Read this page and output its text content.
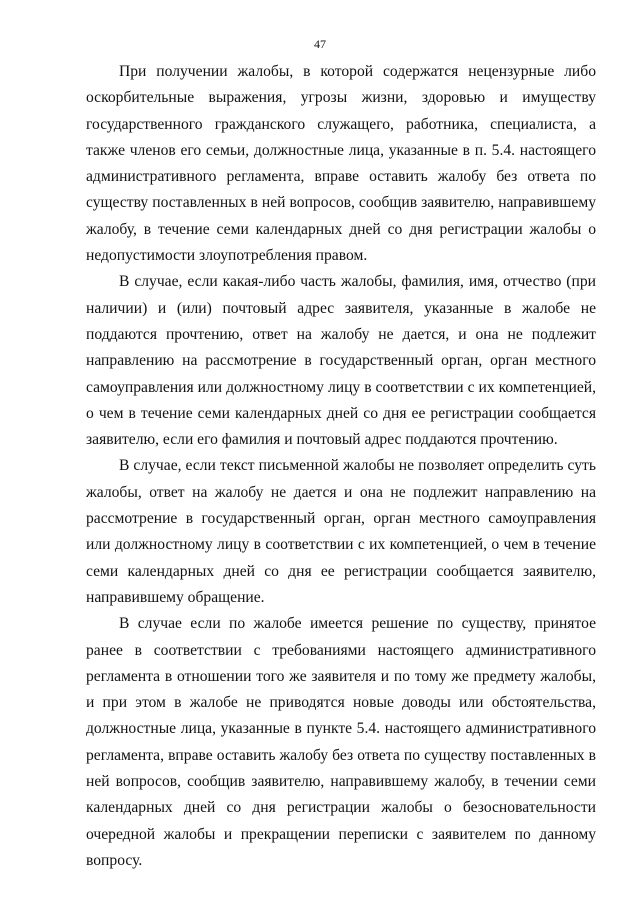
47

При получении жалобы, в которой содержатся нецензурные либо оскорбительные выражения, угрозы жизни, здоровью и имуществу государственного гражданского служащего, работника, специалиста, а также членов его семьи, должностные лица, указанные в п. 5.4. настоящего административного регламента, вправе оставить жалобу без ответа по существу поставленных в ней вопросов, сообщив заявителю, направившему жалобу, в течение семи календарных дней со дня регистрации жалобы о недопустимости злоупотребления правом.

В случае, если какая-либо часть жалобы, фамилия, имя, отчество (при наличии) и (или) почтовый адрес заявителя, указанные в жалобе не поддаются прочтению, ответ на жалобу не дается, и она не подлежит направлению на рассмотрение в государственный орган, орган местного самоуправления или должностному лицу в соответствии с их компетенцией, о чем в течение семи календарных дней со дня ее регистрации сообщается заявителю, если его фамилия и почтовый адрес поддаются прочтению.

В случае, если текст письменной жалобы не позволяет определить суть жалобы, ответ на жалобу не дается и она не подлежит направлению на рассмотрение в государственный орган, орган местного самоуправления или должностному лицу в соответствии с их компетенцией, о чем в течение семи календарных дней со дня ее регистрации сообщается заявителю, направившему обращение.

В случае если по жалобе имеется решение по существу, принятое ранее в соответствии с требованиями настоящего административного регламента в отношении того же заявителя и по тому же предмету жалобы, и при этом в жалобе не приводятся новые доводы или обстоятельства, должностные лица, указанные в пункте 5.4. настоящего административного регламента, вправе оставить жалобу без ответа по существу поставленных в ней вопросов, сообщив заявителю, направившему жалобу, в течении семи календарных дней со дня регистрации жалобы о безосновательности очередной жалобы и прекращении переписки с заявителем по данному вопросу.
